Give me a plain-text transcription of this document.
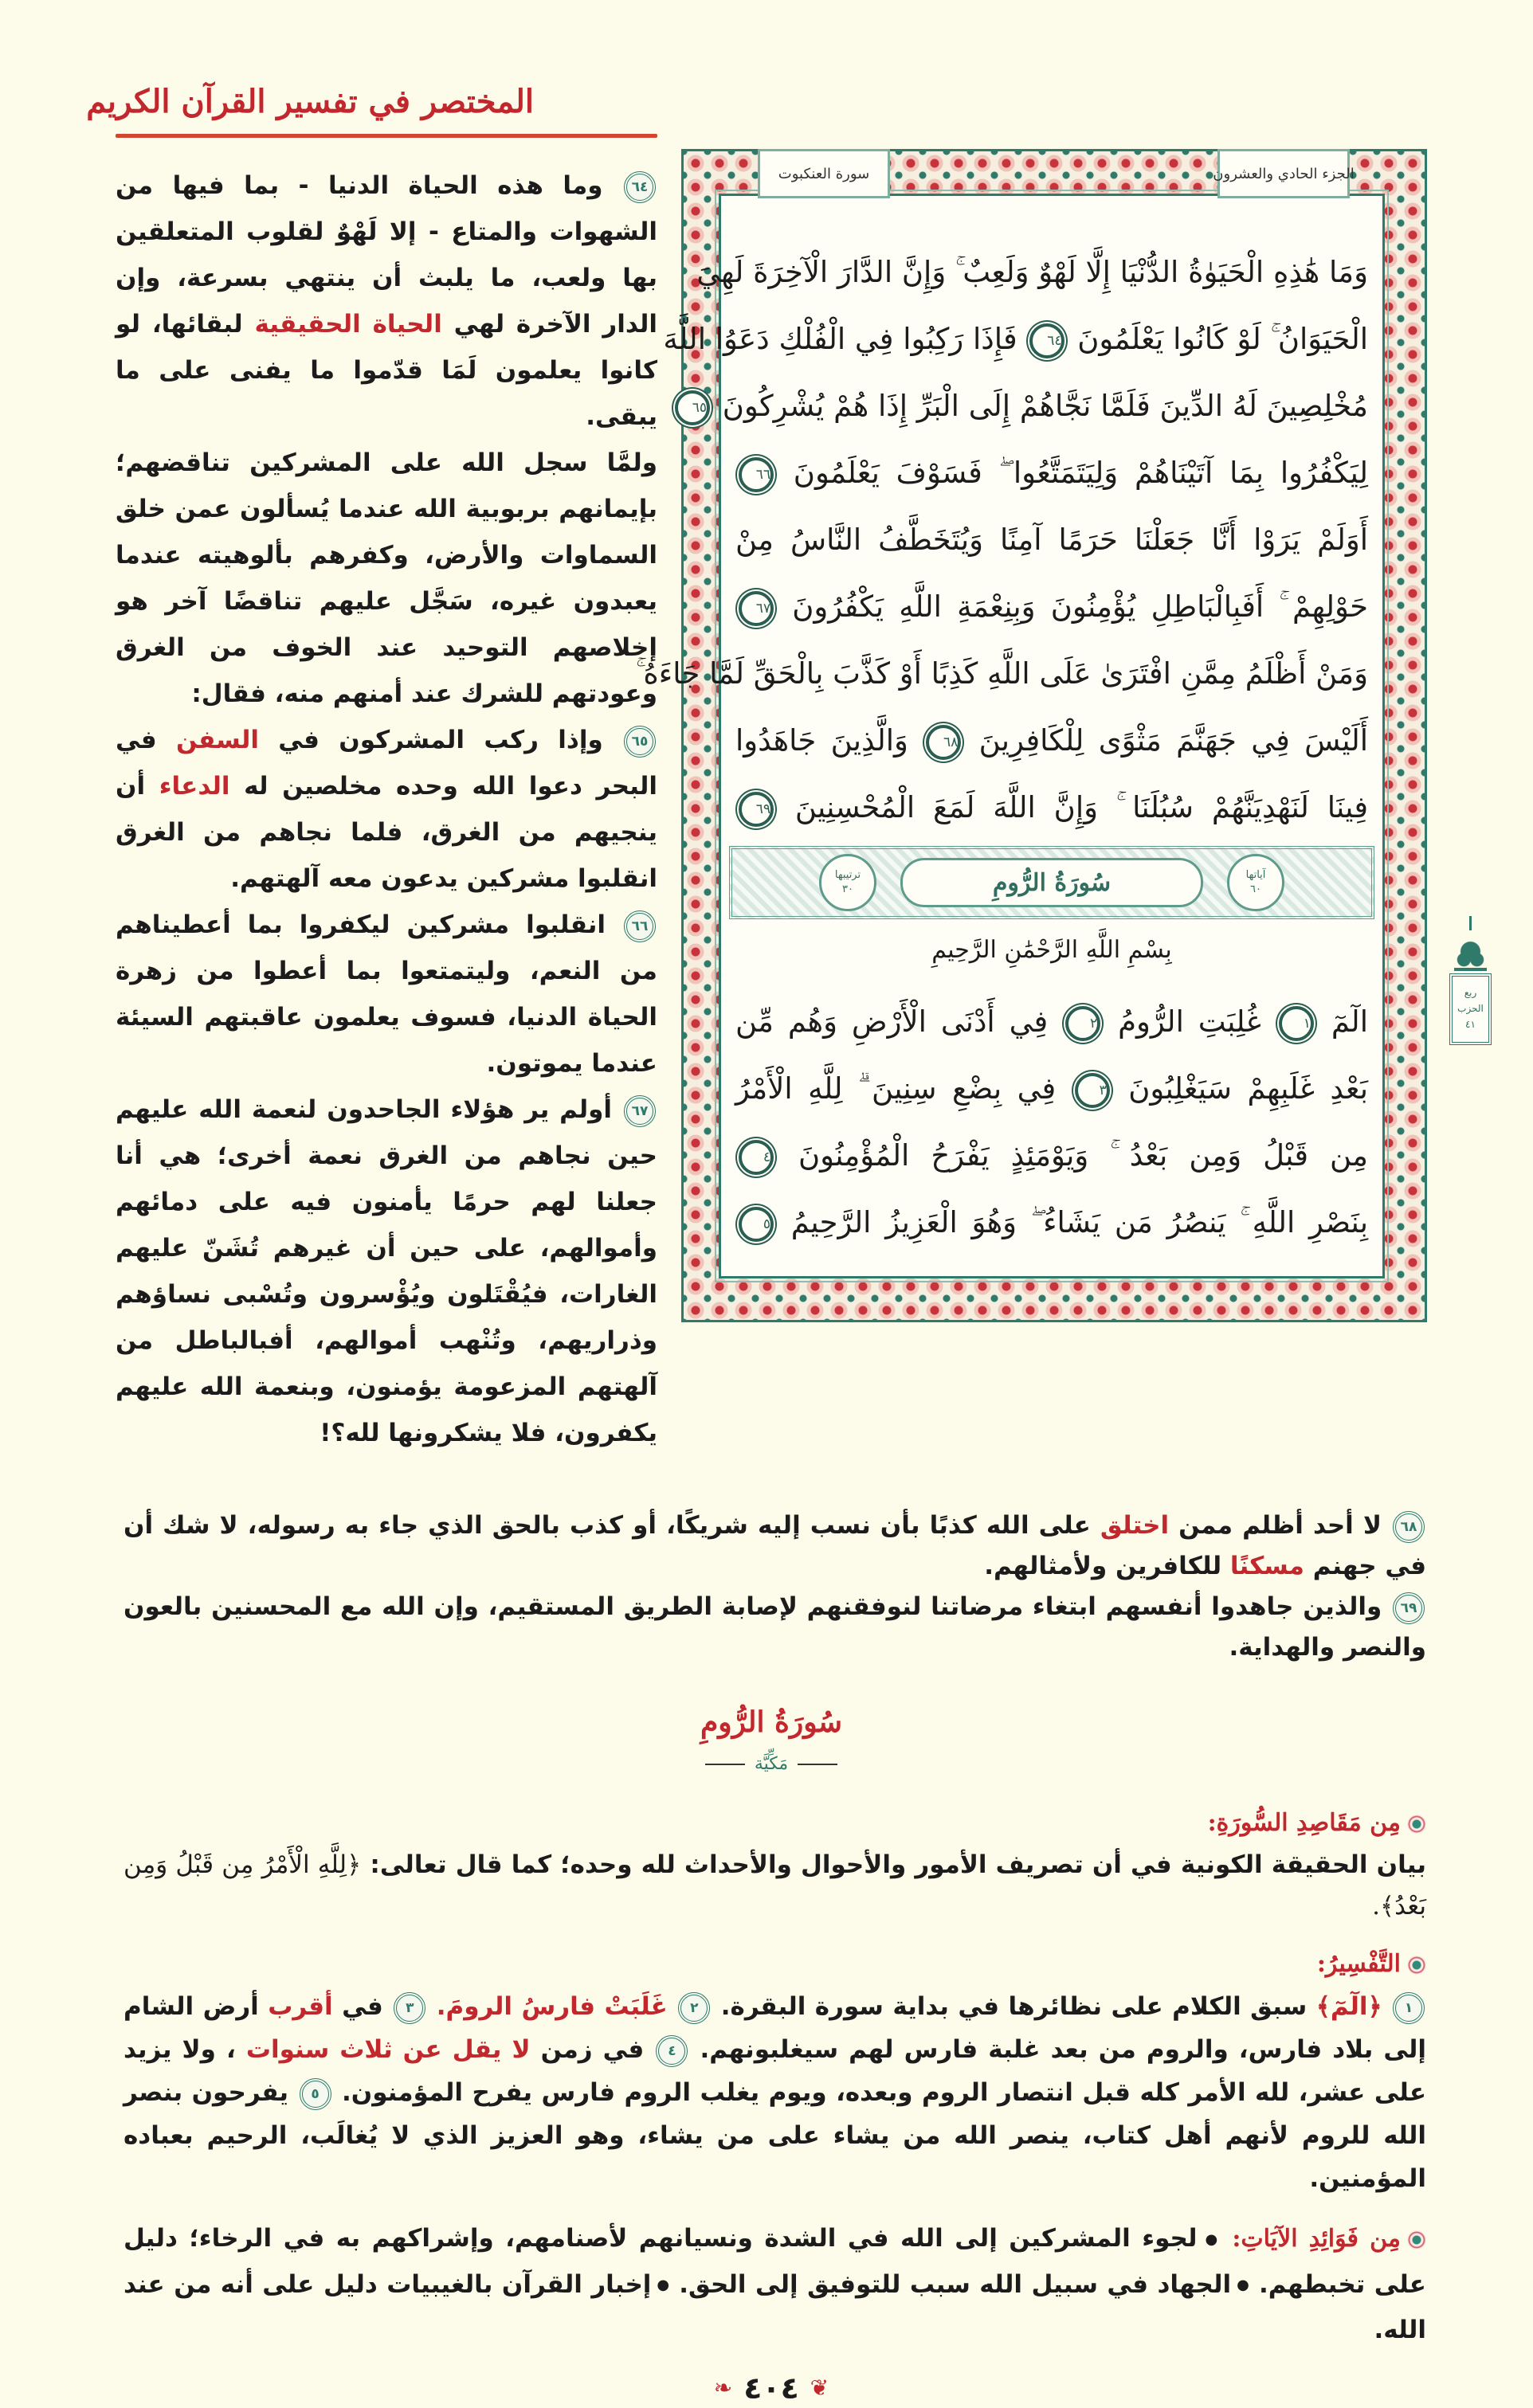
المختصر في تفسير القرآن الكريم
الجزء الحادي والعشرون
سورة العنكبوت
وَمَا هَٰذِهِ الْحَيَوٰةُ الدُّنْيَا إِلَّا لَهْوٌ وَلَعِبٌ ۚ وَإِنَّ الدَّارَ الْآخِرَةَ لَهِيَ
الْحَيَوَانُ ۚ لَوْ كَانُوا يَعْلَمُونَ ٦٤ فَإِذَا رَكِبُوا فِي الْفُلْكِ دَعَوُا اللَّهَ
مُخْلِصِينَ لَهُ الدِّينَ فَلَمَّا نَجَّاهُمْ إِلَى الْبَرِّ إِذَا هُمْ يُشْرِكُونَ ٦٥
لِيَكْفُرُوا بِمَا آتَيْنَاهُمْ وَلِيَتَمَتَّعُوا ۖ فَسَوْفَ يَعْلَمُونَ ٦٦
أَوَلَمْ يَرَوْا أَنَّا جَعَلْنَا حَرَمًا آمِنًا وَيُتَخَطَّفُ النَّاسُ مِنْ
حَوْلِهِمْ ۚ أَفَبِالْبَاطِلِ يُؤْمِنُونَ وَبِنِعْمَةِ اللَّهِ يَكْفُرُونَ ٦٧
وَمَنْ أَظْلَمُ مِمَّنِ افْتَرَىٰ عَلَى اللَّهِ كَذِبًا أَوْ كَذَّبَ بِالْحَقِّ لَمَّا جَاءَهُ ۚ
أَلَيْسَ فِي جَهَنَّمَ مَثْوًى لِلْكَافِرِينَ ٦٨ وَالَّذِينَ جَاهَدُوا
فِينَا لَنَهْدِيَنَّهُمْ سُبُلَنَا ۚ وَإِنَّ اللَّهَ لَمَعَ الْمُحْسِنِينَ ٦٩
آياتها
٦٠
سُورَةُ الرُّومِ
ترتيبها
٣٠
بِسْمِ اللَّهِ الرَّحْمَٰنِ الرَّحِيمِ
الٓمٓ ١ غُلِبَتِ الرُّومُ ٢ فِي أَدْنَى الْأَرْضِ وَهُم مِّن
بَعْدِ غَلَبِهِمْ سَيَغْلِبُونَ ٣ فِي بِضْعِ سِنِينَ ۗ لِلَّهِ الْأَمْرُ
مِن قَبْلُ وَمِن بَعْدُ ۚ وَيَوْمَئِذٍ يَفْرَحُ الْمُؤْمِنُونَ ٤
بِنَصْرِ اللَّهِ ۚ يَنصُرُ مَن يَشَاءُ ۖ وَهُوَ الْعَزِيزُ الرَّحِيمُ ٥

٦٤ وما هذه الحياة الدنيا - بما فيها من الشهوات والمتاع - إلا لَهْوٌ لقلوب المتعلقين بها ولعب، ما يلبث أن ينتهي بسرعة، وإن الدار الآخرة لهي الحياة الحقيقية لبقائها، لو كانوا يعلمون لَمَا قدّموا ما يفنى على ما يبقى.

ولمَّا سجل الله على المشركين تناقضهم؛ بإيمانهم بربوبية الله عندما يُسألون عمن خلق السماوات والأرض، وكفرهم بألوهيته عندما يعبدون غيره، سَجَّل عليهم تناقضًا آخر هو إخلاصهم التوحيد عند الخوف من الغرق وعودتهم للشرك عند أمنهم منه، فقال:

٦٥ وإذا ركب المشركون في السفن في البحر دعوا الله وحده مخلصين له الدعاء أن ينجيهم من الغرق، فلما نجاهم من الغرق انقلبوا مشركين يدعون معه آلهتهم.

٦٦ انقلبوا مشركين ليكفروا بما أعطيناهم من النعم، وليتمتعوا بما أعطوا من زهرة الحياة الدنيا، فسوف يعلمون عاقبتهم السيئة عندما يموتون.

٦٧ أولم ير هؤلاء الجاحدون لنعمة الله عليهم حين نجاهم من الغرق نعمة أخرى؛ هي أنا جعلنا لهم حرمًا يأمنون فيه على دمائهم وأموالهم، على حين أن غيرهم تُشَنّ عليهم الغارات، فيُقْتَلون ويُؤْسرون وتُسْبى نساؤهم وذراريهم، وتُنْهب أموالهم، أفبالباطل من آلهتهم المزعومة يؤمنون، وبنعمة الله عليهم يكفرون، فلا يشكرونها لله؟!

٦٨ لا أحد أظلم ممن اختلق على الله كذبًا بأن نسب إليه شريكًا، أو كذب بالحق الذي جاء به رسوله، لا شك أن في جهنم مسكنًا للكافرين ولأمثالهم.

٦٩ والذين جاهدوا أنفسهم ابتغاء مرضاتنا لنوفقنهم لإصابة الطريق المستقيم، وإن الله مع المحسنين بالعون والنصر والهداية.

سُورَةُ الرُّومِ
مَكِّيَّة
مِن مَقَاصِدِ السُّورَةِ:

بيان الحقيقة الكونية في أن تصريف الأمور والأحوال والأحداث لله وحده؛ كما قال تعالى: ﴿لِلَّهِ الْأَمْرُ مِن قَبْلُ وَمِن بَعْدُ﴾.

التَّفْسِيرُ:

١ ﴿الٓمٓ﴾ سبق الكلام على نظائرها في بداية سورة البقرة. ٢ غَلَبَتْ فارسُ الرومَ. ٣ في أقرب أرض الشام إلى بلاد فارس، والروم من بعد غلبة فارس لهم سيغلبونهم. ٤ في زمن لا يقل عن ثلاث سنوات ، ولا يزيد على عشر، لله الأمر كله قبل انتصار الروم وبعده، ويوم يغلب الروم فارس يفرح المؤمنون. ٥ يفرحون بنصر الله للروم لأنهم أهل كتاب، ينصر الله من يشاء على من يشاء، وهو العزيز الذي لا يُغالَب، الرحيم بعباده المؤمنين.

مِن فَوَائِدِ الآيَاتِ: ● لجوء المشركين إلى الله في الشدة ونسيانهم لأصنامهم، وإشراكهم به في الرخاء؛ دليل على تخبطهم. ● الجهاد في سبيل الله سبب للتوفيق إلى الحق. ● إخبار القرآن بالغيبيات دليل على أنه من عند الله.

❦
٤٠٤
❧
ربع الحزب
٤١
